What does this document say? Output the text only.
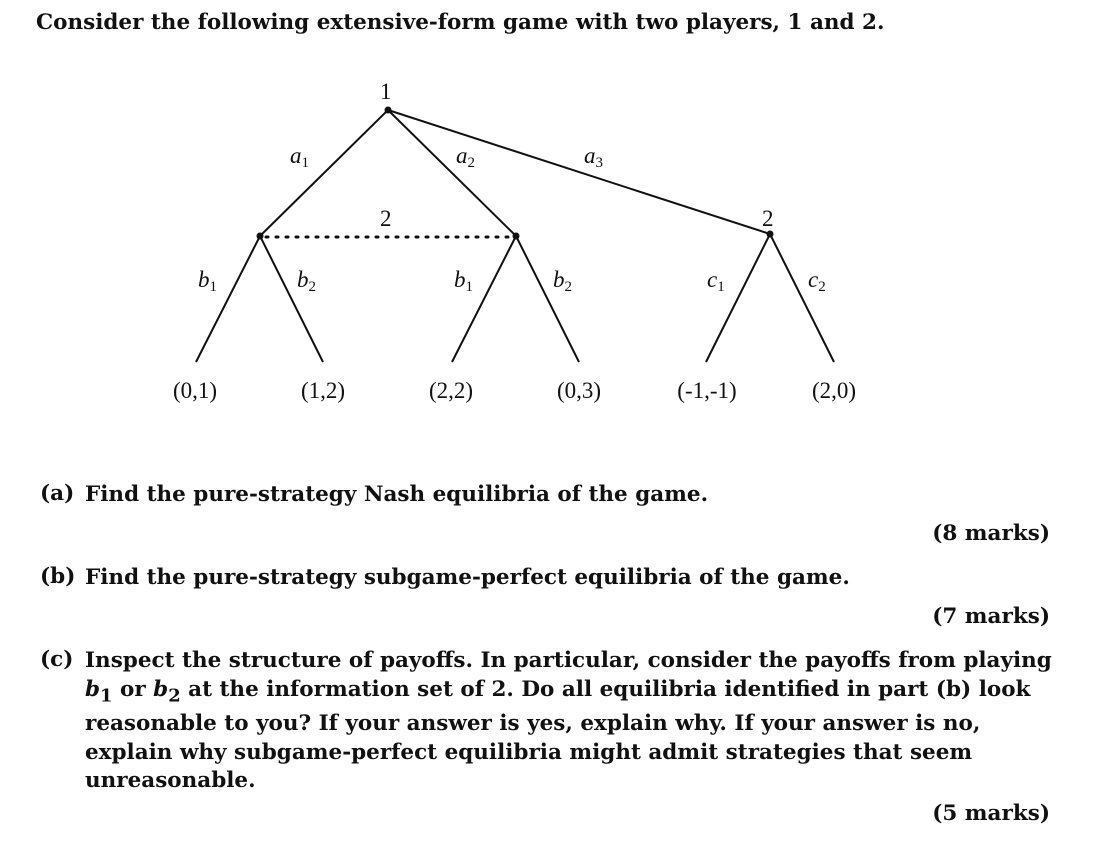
Consider the following extensive-form game with two players, 1 and 2.
1
2	2
a1	a2	a3
b1	b2	b1	b2	c1	c2
(0,1)	(1,2)	(2,2)	(0,3)	(-1,-1)	(2,0)
(a) Find the pure-strategy Nash equilibria of the game.
(8 marks)
(b) Find the pure-strategy subgame-perfect equilibria of the game.
(7 marks)
(c) Inspect the structure of payoffs. In particular, consider the payoffs from playing $b_1$ or $b_2$ at the information set of 2. Do all equilibria identified in part (b) look reasonable to you? If your answer is yes, explain why. If your answer is no, explain why subgame-perfect equilibria might admit strategies that seem unreasonable.
(5 marks)
